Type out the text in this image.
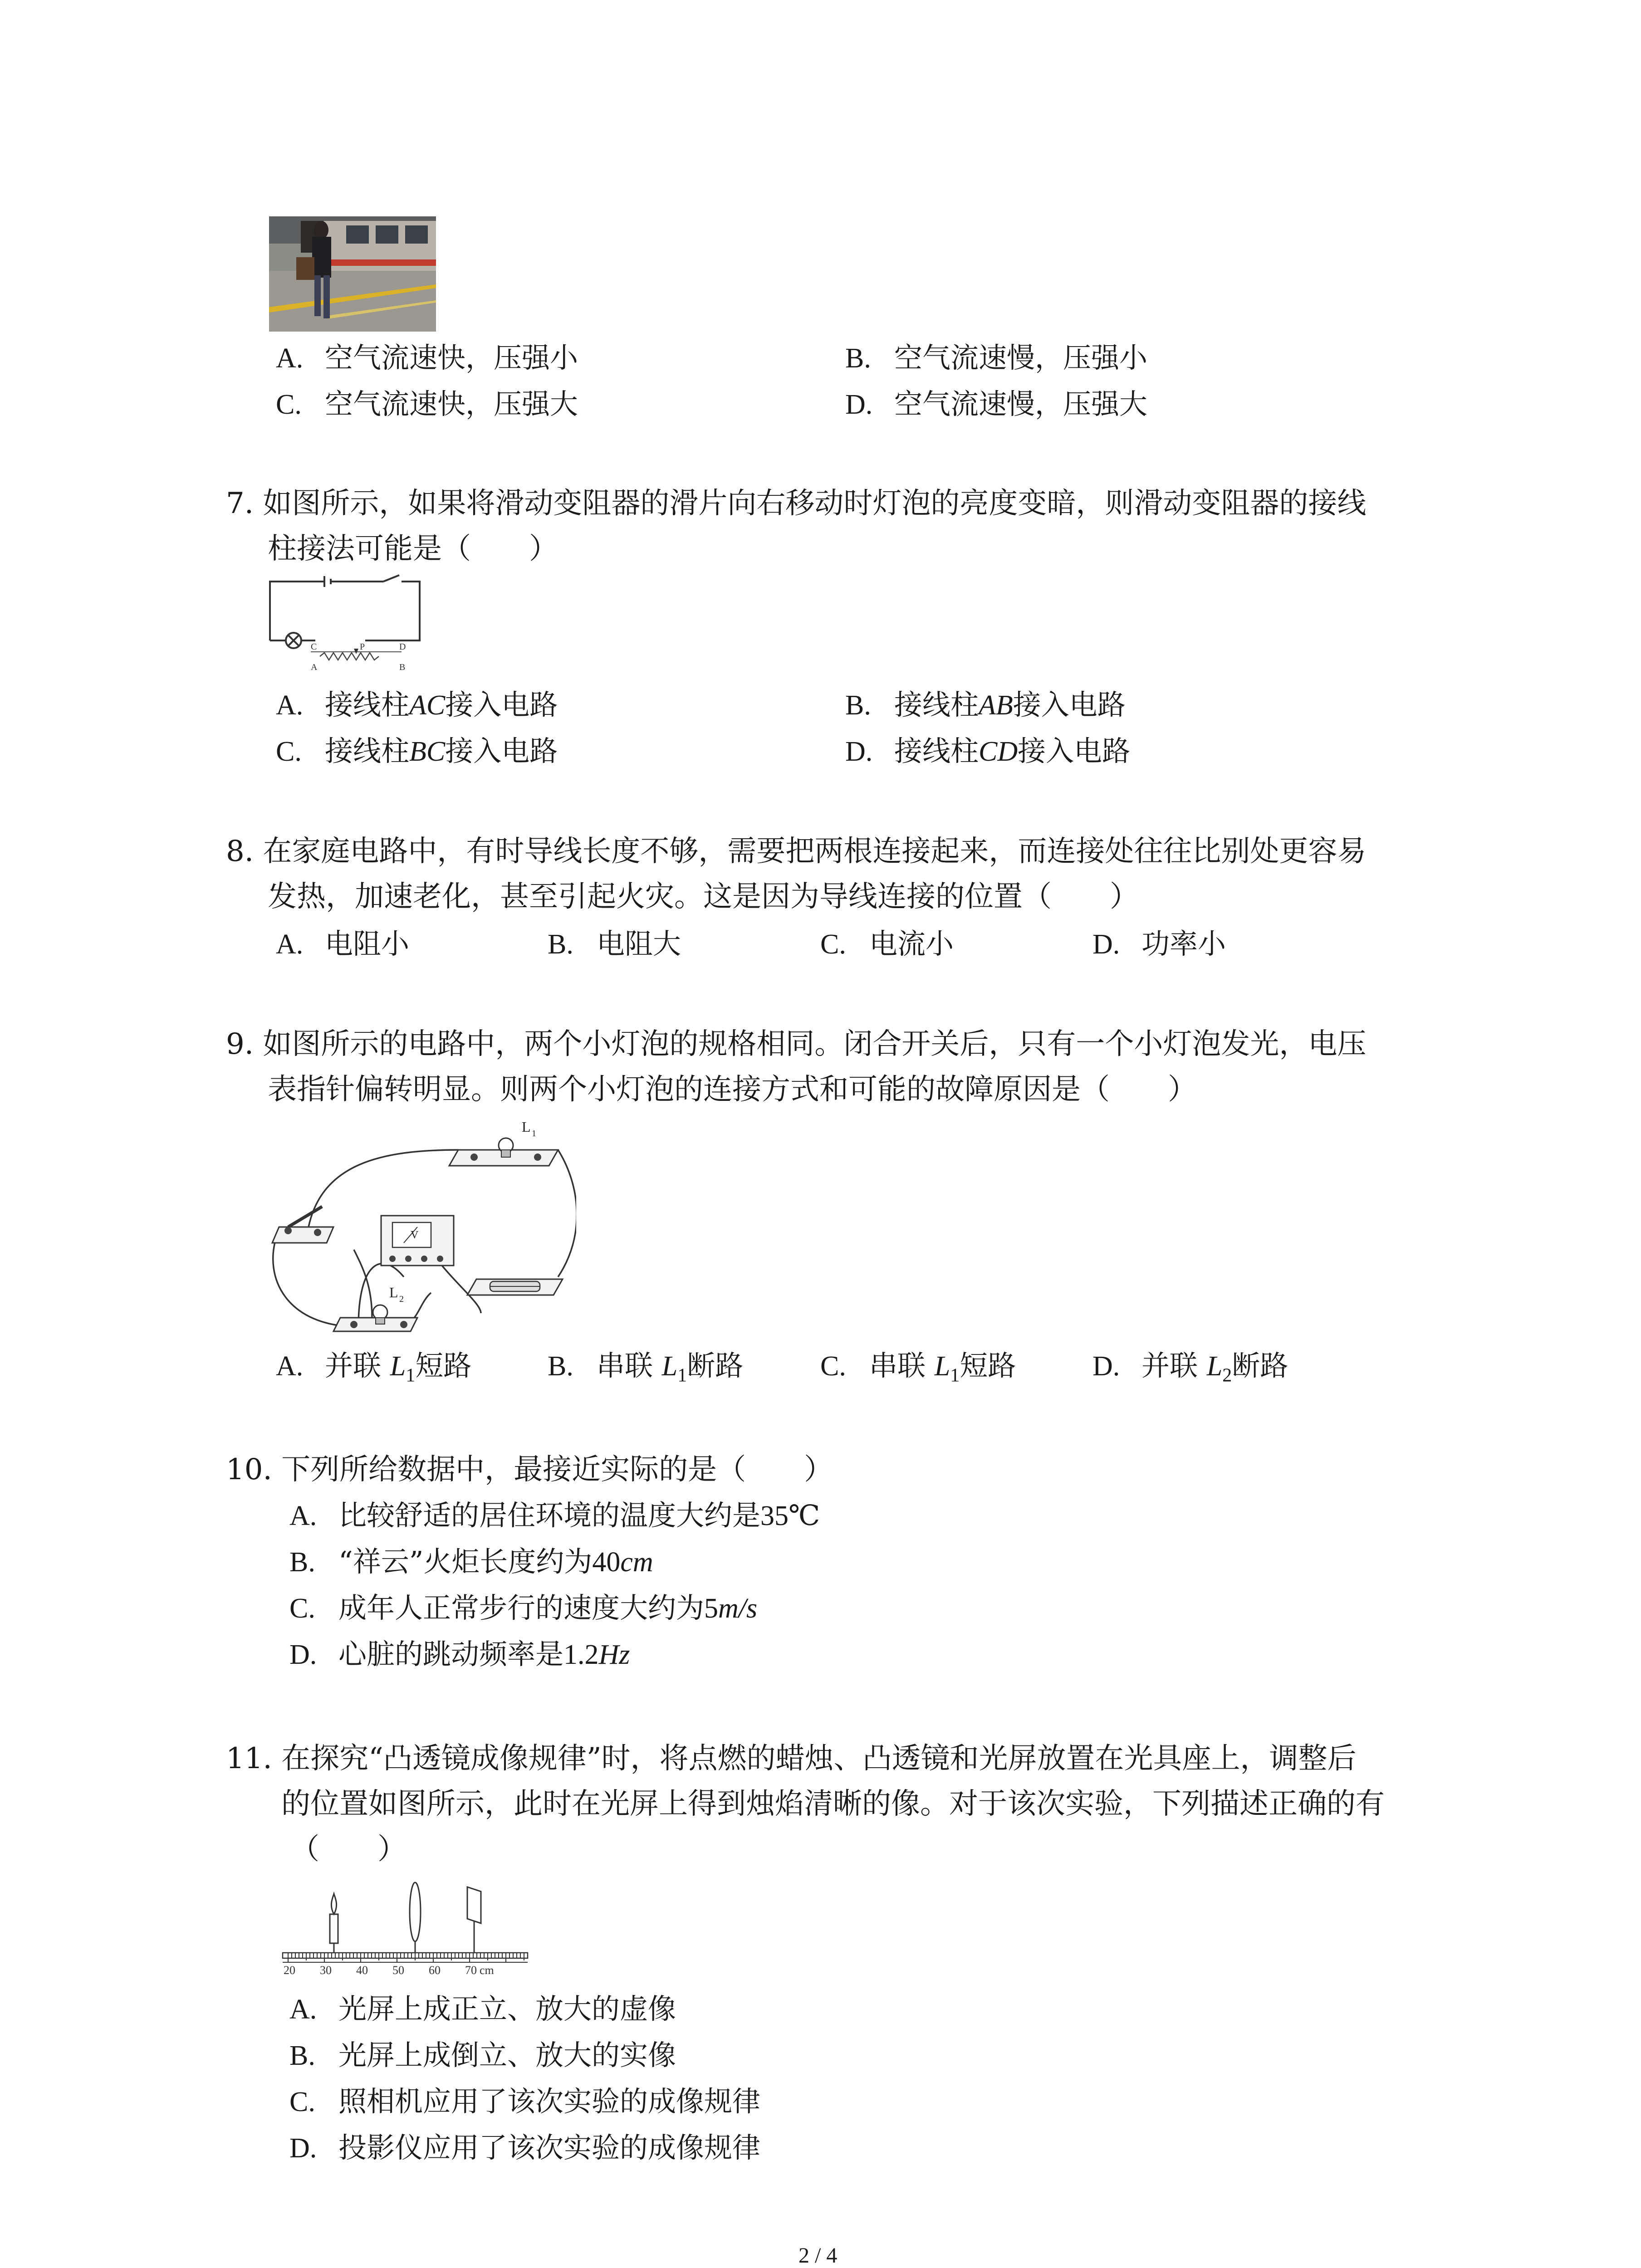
A. 空气流速快，压强小	B. 空气流速慢，压强小
C. 空气流速快，压强大	D. 空气流速慢，压强大
7. 如图所示，如果将滑动变阻器的滑片向右移动时灯泡的亮度变暗，则滑动变阻器的接线
柱接法可能是（　　）
C	D
A	B
P
A. 接线柱AC接入电路	B. 接线柱AB接入电路
C. 接线柱BC接入电路	D. 接线柱CD接入电路
8. 在家庭电路中，有时导线长度不够，需要把两根连接起来，而连接处往往比别处更容易
发热，加速老化，甚至引起火灾。这是因为导线连接的位置（　　）
A. 电阻小	B. 电阻大	C. 电流小	D. 功率小
9. 如图所示的电路中，两个小灯泡的规格相同。闭合开关后，只有一个小灯泡发光，电压
表指针偏转明显。则两个小灯泡的连接方式和可能的故障原因是（　　）
L 1
V
L 2
A. 并联 $L_1$短路	B. 串联 $L_1$断路	C. 串联 $L_1$短路	D. 并联 $L_2$断路
10. 下列所给数据中，最接近实际的是（　　）
A. 比较舒适的居住环境的温度大约是35℃
B. “祥云”火炬长度约为40cm
C. 成年人正常步行的速度大约为5m/s
D. 心脏的跳动频率是1.2Hz
11. 在探究“凸透镜成像规律”时，将点燃的蜡烛、凸透镜和光屏放置在光具座上，调整后
的位置如图所示，此时在光屏上得到烛焰清晰的像。对于该次实验，下列描述正确的有
（　　）
20 30 40 50 60 70 cm
A. 光屏上成正立、放大的虚像
B. 光屏上成倒立、放大的实像
C. 照相机应用了该次实验的成像规律
D. 投影仪应用了该次实验的成像规律
2 / 4
